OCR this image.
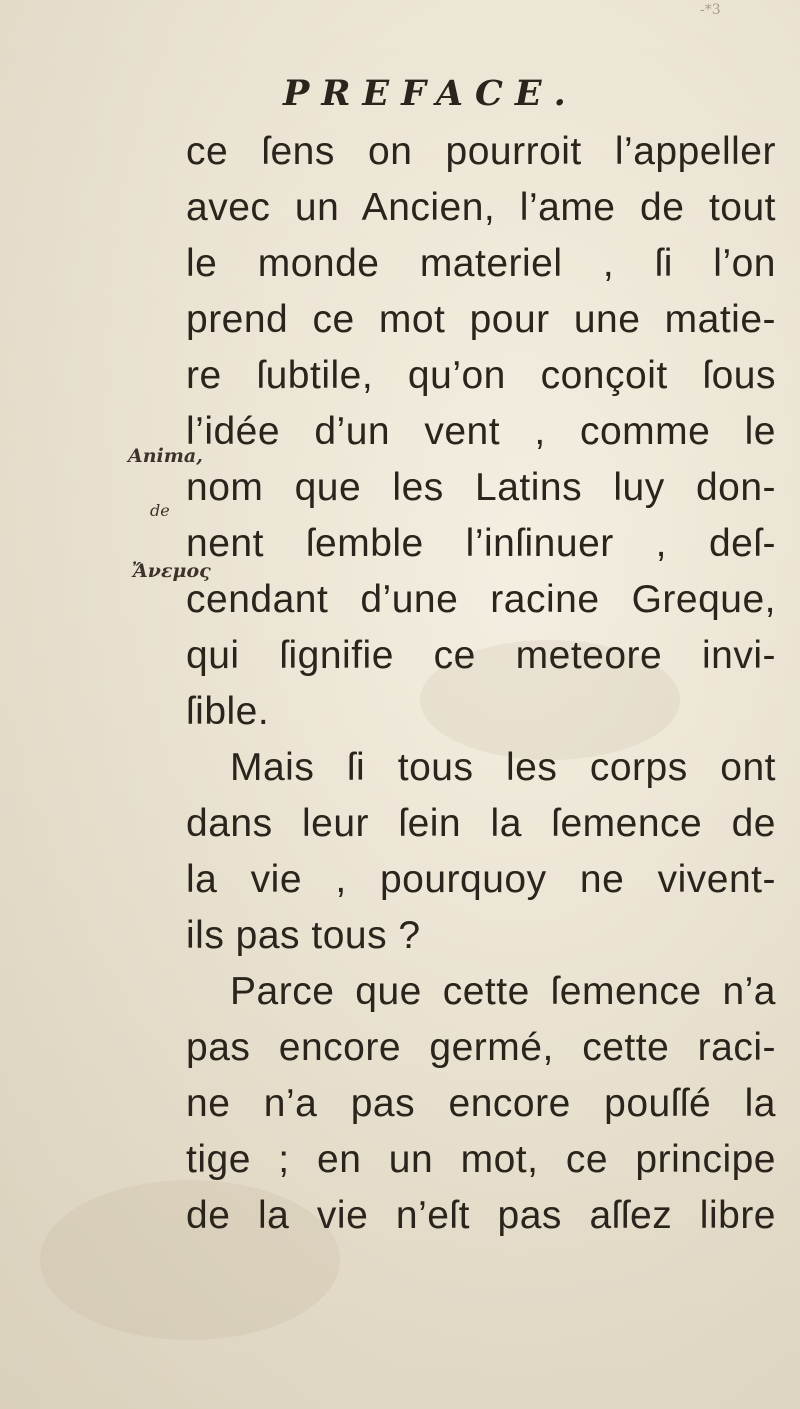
-*3
PREFACE.
Anima,
de
Ἄνεμος
ce ſens on pourroit l’appeller
avec un Ancien, l’ame de tout
le monde materiel , ſi l’on
prend ce mot pour une matie-
re ſubtile, qu’on conçoit ſous
l’idée d’un vent , comme le
nom que les Latins luy don-
nent ſemble l’inſinuer , deſ-
cendant d’une racine Greque,
qui ſignifie ce meteore invi-
ſible.
Mais ſi tous les corps ont
dans leur ſein la ſemence de
la vie , pourquoy ne vivent-
ils pas tous ?
Parce que cette ſemence n’a
pas encore germé, cette raci-
ne n’a pas encore pouſſé la
tige ; en un mot, ce principe
de la vie n’eſt pas aſſez libre
